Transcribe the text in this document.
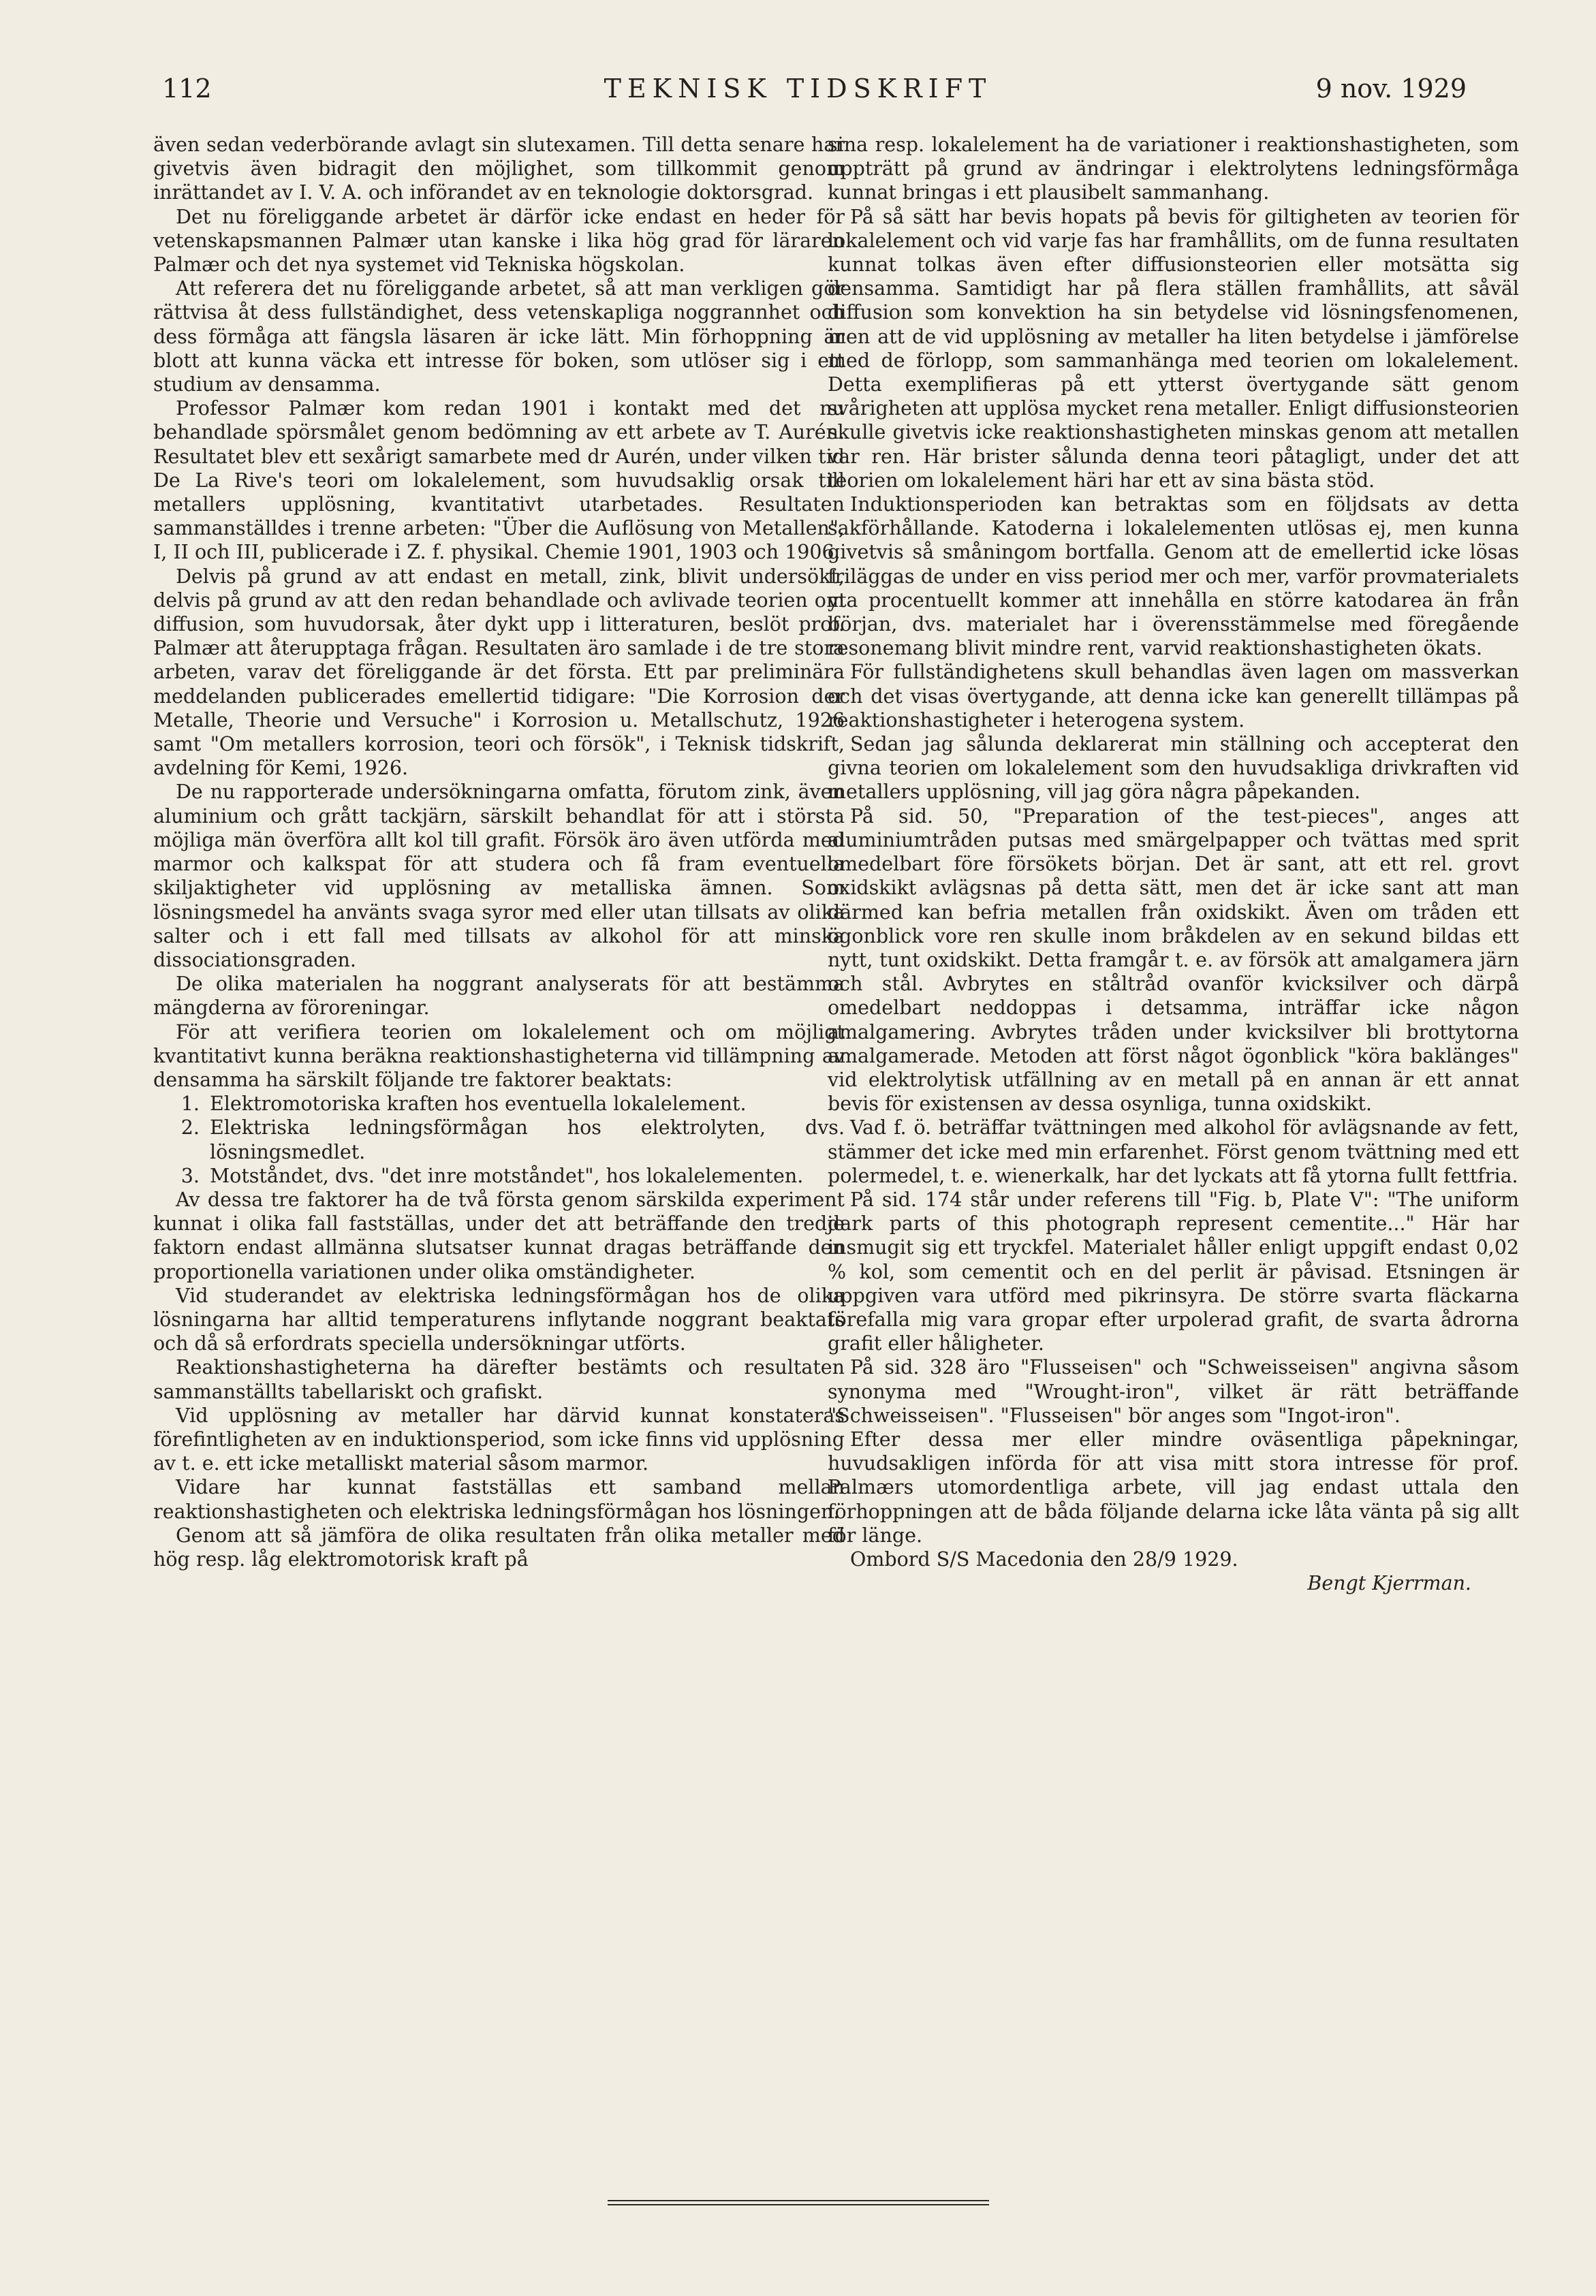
112	TEKNISK TIDSKRIFT	9 nov. 1929

även sedan vederbörande avlagt sin slutexamen. Till detta senare har givetvis även bidragit den möjlighet, som tillkommit genom inrättandet av I. V. A. och införandet av en teknologie doktorsgrad.

Det nu föreliggande arbetet är därför icke endast en heder för vetenskapsmannen Palmær utan kanske i lika hög grad för läraren Palmær och det nya systemet vid Tekniska högskolan.

Att referera det nu föreliggande arbetet, så att man verkligen gör rättvisa åt dess fullständighet, dess vetenskapliga noggrannhet och dess förmåga att fängsla läsaren är icke lätt. Min förhoppning är blott att kunna väcka ett intresse för boken, som utlöser sig i ett studium av densamma.

Professor Palmær kom redan 1901 i kontakt med det nu behandlade spörsmålet genom bedömning av ett arbete av T. Aurén. Resultatet blev ett sexårigt samarbete med dr Aurén, under vilken tid De La Rive's teori om lokalelement, som huvudsaklig orsak till metallers upplösning, kvantitativt utarbetades. Resultaten sammanställdes i trenne arbeten: "Über die Auflösung von Metallen", I, II och III, publicerade i Z. f. physikal. Chemie 1901, 1903 och 1906.

Delvis på grund av att endast en metall, zink, blivit undersökt, delvis på grund av att den redan behandlade och avlivade teorien om diffusion, som huvudorsak, åter dykt upp i litteraturen, beslöt prof. Palmær att återupptaga frågan. Resultaten äro samlade i de tre stora arbeten, varav det föreliggande är det första. Ett par preliminära meddelanden publicerades emellertid tidigare: "Die Korrosion der Metalle, Theorie und Versuche" i Korrosion u. Metallschutz, 1926 samt "Om metallers korrosion, teori och försök", i Teknisk tidskrift, avdelning för Kemi, 1926.

De nu rapporterade undersökningarna omfatta, förutom zink, även aluminium och grått tackjärn, särskilt behandlat för att i största möjliga män överföra allt kol till grafit. Försök äro även utförda med marmor och kalkspat för att studera och få fram eventuella skiljaktigheter vid upplösning av metalliska ämnen. Som lösningsmedel ha använts svaga syror med eller utan tillsats av olika salter och i ett fall med tillsats av alkohol för att minska dissociationsgraden.

De olika materialen ha noggrant analyserats för att bestämma mängderna av föroreningar.

För att verifiera teorien om lokalelement och om möjligt kvantitativt kunna beräkna reaktionshastigheterna vid tillämpning av densamma ha särskilt följande tre faktorer beaktats:

1. Elektromotoriska kraften hos eventuella lokalelement.
2. Elektriska ledningsförmågan hos elektrolyten, dvs. lösningsmedlet.
3. Motståndet, dvs. "det inre motståndet", hos lokalelementen.

Av dessa tre faktorer ha de två första genom särskilda experiment kunnat i olika fall fastställas, under det att beträffande den tredje faktorn endast allmänna slutsatser kunnat dragas beträffande den proportionella variationen under olika omständigheter.

Vid studerandet av elektriska ledningsförmågan hos de olika lösningarna har alltid temperaturens inflytande noggrant beaktats och då så erfordrats speciella undersökningar utförts.

Reaktionshastigheterna ha därefter bestämts och resultaten sammanställts tabellariskt och grafiskt.

Vid upplösning av metaller har därvid kunnat konstateras förefintligheten av en induktionsperiod, som icke finns vid upplösning av t. e. ett icke metalliskt material såsom marmor.

Vidare har kunnat fastställas ett samband mellan reaktionshastigheten och elektriska ledningsförmågan hos lösningen.

Genom att så jämföra de olika resultaten från olika metaller med hög resp. låg elektromotorisk kraft på

sina resp. lokalelement ha de variationer i reaktionshastigheten, som uppträtt på grund av ändringar i elektrolytens ledningsförmåga kunnat bringas i ett plausibelt sammanhang.

På så sätt har bevis hopats på bevis för giltigheten av teorien för lokalelement och vid varje fas har framhållits, om de funna resultaten kunnat tolkas även efter diffusionsteorien eller motsätta sig densamma. Samtidigt har på flera ställen framhållits, att såväl diffusion som konvektion ha sin betydelse vid lösningsfenomenen, men att de vid upplösning av metaller ha liten betydelse i jämförelse med de förlopp, som sammanhänga med teorien om lokalelement. Detta exemplifieras på ett ytterst övertygande sätt genom svårigheten att upplösa mycket rena metaller. Enligt diffusionsteorien skulle givetvis icke reaktionshastigheten minskas genom att metallen var ren. Här brister sålunda denna teori påtagligt, under det att teorien om lokalelement häri har ett av sina bästa stöd.

Induktionsperioden kan betraktas som en följdsats av detta sakförhållande. Katoderna i lokalelementen utlösas ej, men kunna givetvis så småningom bortfalla. Genom att de emellertid icke lösas friläggas de under en viss period mer och mer, varför provmaterialets yta procentuellt kommer att innehålla en större katodarea än från början, dvs. materialet har i överensstämmelse med föregående resonemang blivit mindre rent, varvid reaktionshastigheten ökats.

För fullständighetens skull behandlas även lagen om massverkan och det visas övertygande, att denna icke kan generellt tillämpas på reaktionshastigheter i heterogena system.

Sedan jag sålunda deklarerat min ställning och accepterat den givna teorien om lokalelement som den huvudsakliga drivkraften vid metallers upplösning, vill jag göra några påpekanden.

På sid. 50, "Preparation of the test-pieces", anges att aluminiumtråden putsas med smärgelpapper och tvättas med sprit omedelbart före försökets början. Det är sant, att ett rel. grovt oxidskikt avlägsnas på detta sätt, men det är icke sant att man därmed kan befria metallen från oxidskikt. Även om tråden ett ögonblick vore ren skulle inom bråkdelen av en sekund bildas ett nytt, tunt oxidskikt. Detta framgår t. e. av försök att amalgamera järn och stål. Avbrytes en ståltråd ovanför kvicksilver och därpå omedelbart neddoppas i detsamma, inträffar icke någon amalgamering. Avbrytes tråden under kvicksilver bli brottytorna amalgamerade. Metoden att först något ögonblick "köra baklänges" vid elektrolytisk utfällning av en metall på en annan är ett annat bevis för existensen av dessa osynliga, tunna oxidskikt.

Vad f. ö. beträffar tvättningen med alkohol för avlägsnande av fett, stämmer det icke med min erfarenhet. Först genom tvättning med ett polermedel, t. e. wienerkalk, har det lyckats att få ytorna fullt fettfria.

På sid. 174 står under referens till "Fig. b, Plate V": "The uniform dark parts of this photograph represent cementite..." Här har insmugit sig ett tryckfel. Materialet håller enligt uppgift endast 0,02 % kol, som cementit och en del perlit är påvisad. Etsningen är uppgiven vara utförd med pikrinsyra. De större svarta fläckarna förefalla mig vara gropar efter urpolerad grafit, de svarta ådrorna grafit eller håligheter.

På sid. 328 äro "Flusseisen" och "Schweisseisen" angivna såsom synonyma med "Wrought-iron", vilket är rätt beträffande "Schweisseisen". "Flusseisen" bör anges som "Ingot-iron".

Efter dessa mer eller mindre oväsentliga påpekningar, huvudsakligen införda för att visa mitt stora intresse för prof. Palmærs utomordentliga arbete, vill jag endast uttala den förhoppningen att de båda följande delarna icke låta vänta på sig allt för länge.

Ombord S/S Macedonia den 28/9 1929.

Bengt Kjerrman.
